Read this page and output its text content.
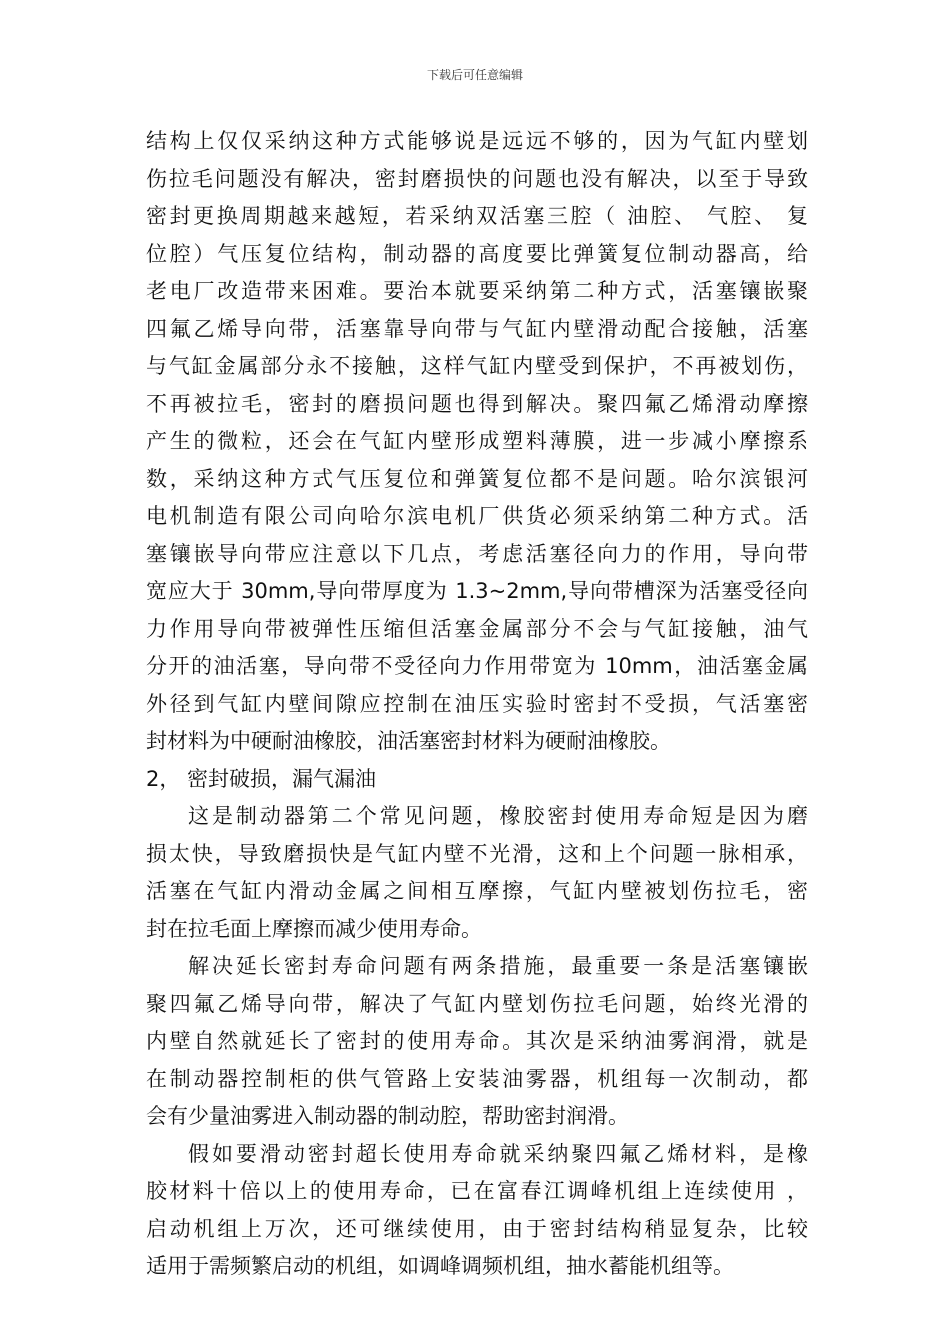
下载后可任意编辑
结构上仅仅采纳这种方式能够说是远远不够的，因为气缸内壁划
伤拉毛问题没有解决，密封磨损快的问题也没有解决，以至于导致
密封更换周期越来越短，若采纳双活塞三腔（ 油腔、 气腔、 复
位腔）气压复位结构，制动器的高度要比弹簧复位制动器高，给
老电厂改造带来困难。要治本就要采纳第二种方式，活塞镶嵌聚
四氟乙烯导向带，活塞靠导向带与气缸内壁滑动配合接触，活塞
与气缸金属部分永不接触，这样气缸内壁受到保护，不再被划伤，
不再被拉毛，密封的磨损问题也得到解决。聚四氟乙烯滑动摩擦
产生的微粒，还会在气缸内壁形成塑料薄膜，进一步减小摩擦系
数，采纳这种方式气压复位和弹簧复位都不是问题。哈尔滨银河
电机制造有限公司向哈尔滨电机厂供货必须采纳第二种方式。活
塞镶嵌导向带应注意以下几点，考虑活塞径向力的作用，导向带
宽应大于 30mm,导向带厚度为 1.3~2mm,导向带槽深为活塞受径向
力作用导向带被弹性压缩但活塞金属部分不会与气缸接触，油气
分开的油活塞，导向带不受径向力作用带宽为 10mm，油活塞金属
外径到气缸内壁间隙应控制在油压实验时密封不受损，气活塞密
封材料为中硬耐油橡胶，油活塞密封材料为硬耐油橡胶。
2， 密封破损，漏气漏油
这是制动器第二个常见问题，橡胶密封使用寿命短是因为磨
损太快，导致磨损快是气缸内壁不光滑，这和上个问题一脉相承，
活塞在气缸内滑动金属之间相互摩擦，气缸内壁被划伤拉毛，密
封在拉毛面上摩擦而减少使用寿命。
解决延长密封寿命问题有两条措施，最重要一条是活塞镶嵌
聚四氟乙烯导向带，解决了气缸内壁划伤拉毛问题，始终光滑的
内壁自然就延长了密封的使用寿命。其次是采纳油雾润滑，就是
在制动器控制柜的供气管路上安装油雾器，机组每一次制动，都
会有少量油雾进入制动器的制动腔，帮助密封润滑。
假如要滑动密封超长使用寿命就采纳聚四氟乙烯材料，是橡
胶材料十倍以上的使用寿命，已在富春江调峰机组上连续使用 ，
启动机组上万次，还可继续使用，由于密封结构稍显复杂，比较
适用于需频繁启动的机组，如调峰调频机组，抽水蓄能机组等。
